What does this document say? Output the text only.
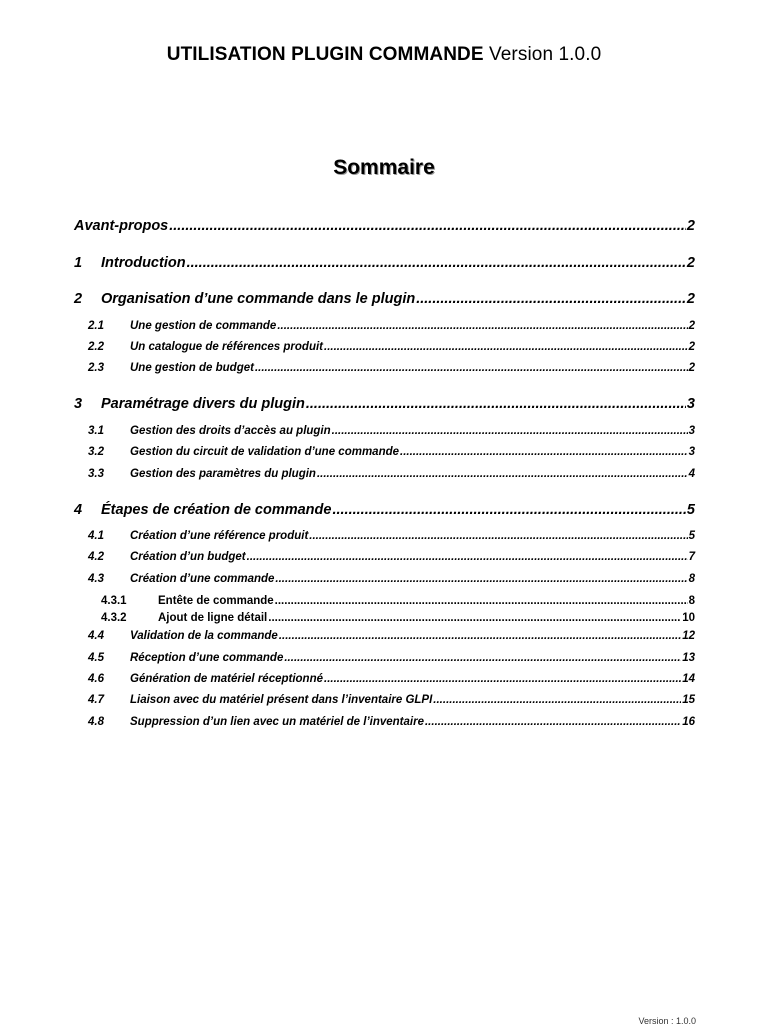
UTILISATION PLUGIN COMMANDE Version 1.0.0
Sommaire
Avant-propos .....	2
1	Introduction .....	2
2	Organisation d’une commande dans le plugin .....	2
2.1	Une gestion de commande .....	2
2.2	Un catalogue de références produit .....	2
2.3	Une gestion de budget .....	2
3	Paramétrage divers du plugin .....	3
3.1	Gestion des droits d’accès au plugin .....	3
3.2	Gestion du circuit de validation d’une commande .....	3
3.3	Gestion des paramètres du plugin .....	4
4	Étapes de création de commande .....	5
4.1	Création d’une référence produit .....	5
4.2	Création d’un budget .....	7
4.3	Création d’une commande .....	8
4.3.1	Entête de commande .....	8
4.3.2	Ajout de ligne détail .....	10
4.4	Validation de la commande .....	12
4.5	Réception d’une commande .....	13
4.6	Génération de matériel réceptionné .....	14
4.7	Liaison avec du matériel présent dans l’inventaire GLPI .....	15
4.8	Suppression d’un lien avec un matériel de l’inventaire .....	16
Version : 1.0.0
